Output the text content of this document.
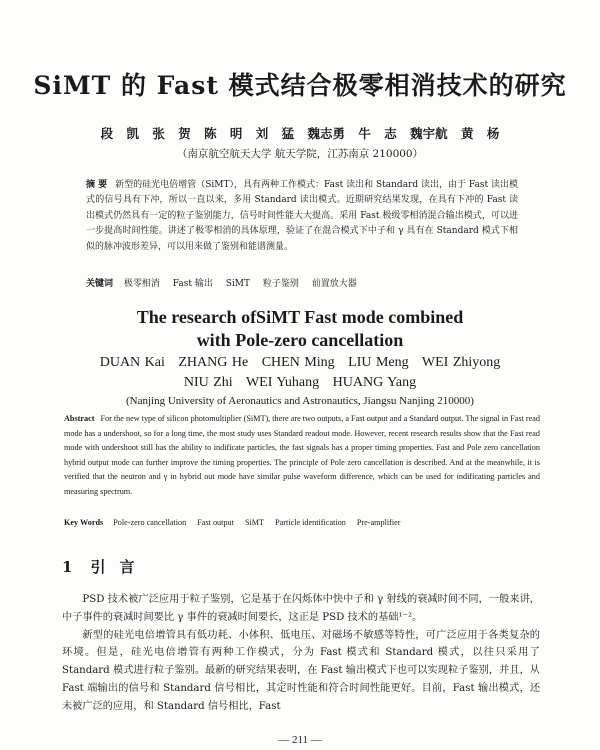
SiMT 的 Fast 模式结合极零相消技术的研究
段 凯 张 贺 陈 明 刘 猛 魏志勇 牛 志 魏宇航 黄 杨
（南京航空航天大学 航天学院，江苏南京 210000）
摘 要 新型的硅光电倍增管（SiMT），具有两种工作模式：Fast 读出和 Standard 读出，由于 Fast 读出模式的信号具有下冲，所以一直以来，多用 Standard 读出模式。近期研究结果发现，在具有下冲的 Fast 读出模式仍然具有一定的粒子鉴别能力，信号时间性能大大提高。采用 Fast 极级零相消混合输出模式，可以进一步提高时间性能。讲述了极零相消的具体原理，验证了在混合模式下中子和 γ 具有在 Standard 模式下相似的脉冲波形差异，可以用来做了鉴别和能谱测量。
关键词 极零相消 Fast 输出 SiMT 粒子鉴别 前置放大器
The research ofSiMT Fast mode combined
with Pole-zero cancellation
DUAN Kai ZHANG He CHEN Ming LIU Meng WEI Zhiyong
NIU Zhi WEI Yuhang HUANG Yang
(Nanjing University of Aeronautics and Astronautics, Jiangsu Nanjing 210000)
Abstract For the new type of silicon photomultiplier (SiMT), there are two outputs, a Fast output and a Standard output. The signal in Fast read mode has a undershoot, so for a long time, the most study uses Standard readout mode. However, recent research results show that the Fast read mode with undershoot still has the ability to indificate particles, the fast signals has a proper timing properties. Fast and Pole zero cancellation hybrid output mode can further improve the timing properties. The principle of Pole zero cancellation is described. And at the meanwhile, it is verified that the neutron and γ in hybrid out mode have similar pulse waveform difference, which can be used for indificating particles and measuring spectrum.
Key Words Pole-zero cancellation Fast output SiMT Particle identification Pre-amplifier
1 引言

PSD 技术被广泛应用于粒子鉴别，它是基于在闪烁体中快中子和 γ 射线的衰减时间不同，一般来讲，中子事件的衰减时间要比 γ 事件的衰减时间要长，这正是 PSD 技术的基础¹⁻²。

新型的硅光电倍增管具有低功耗、小体积、低电压、对磁场不敏感等特性，可广泛应用于各类复杂的环境。但是，硅光电倍增管有两种工作模式，分为 Fast 模式和 Standard 模式，以往只采用了 Standard 模式进行粒子鉴别。最新的研究结果表明，在 Fast 输出模式下也可以实现粒子鉴别，并且，从 Fast 端输出的信号和 Standard 信号相比，其定时性能和符合时间性能更好。目前，Fast 输出模式，还未被广泛的应用，和 Standard 信号相比，Fast

— 211 —
